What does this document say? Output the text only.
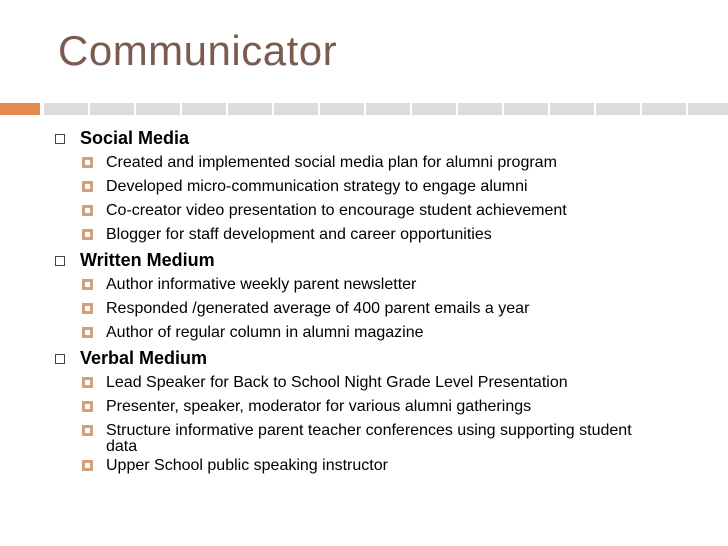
Communicator
Social Media
Created and implemented social media plan for alumni program
Developed micro-communication strategy to engage alumni
Co-creator video presentation to encourage student achievement
Blogger for staff development and career opportunities
Written Medium
Author informative weekly parent newsletter
Responded /generated average of 400 parent emails a year
Author of regular column in alumni magazine
Verbal Medium
Lead Speaker for Back to School Night Grade Level Presentation
Presenter, speaker, moderator for various alumni gatherings
Structure informative parent teacher conferences using supporting student data
Upper School public speaking instructor
